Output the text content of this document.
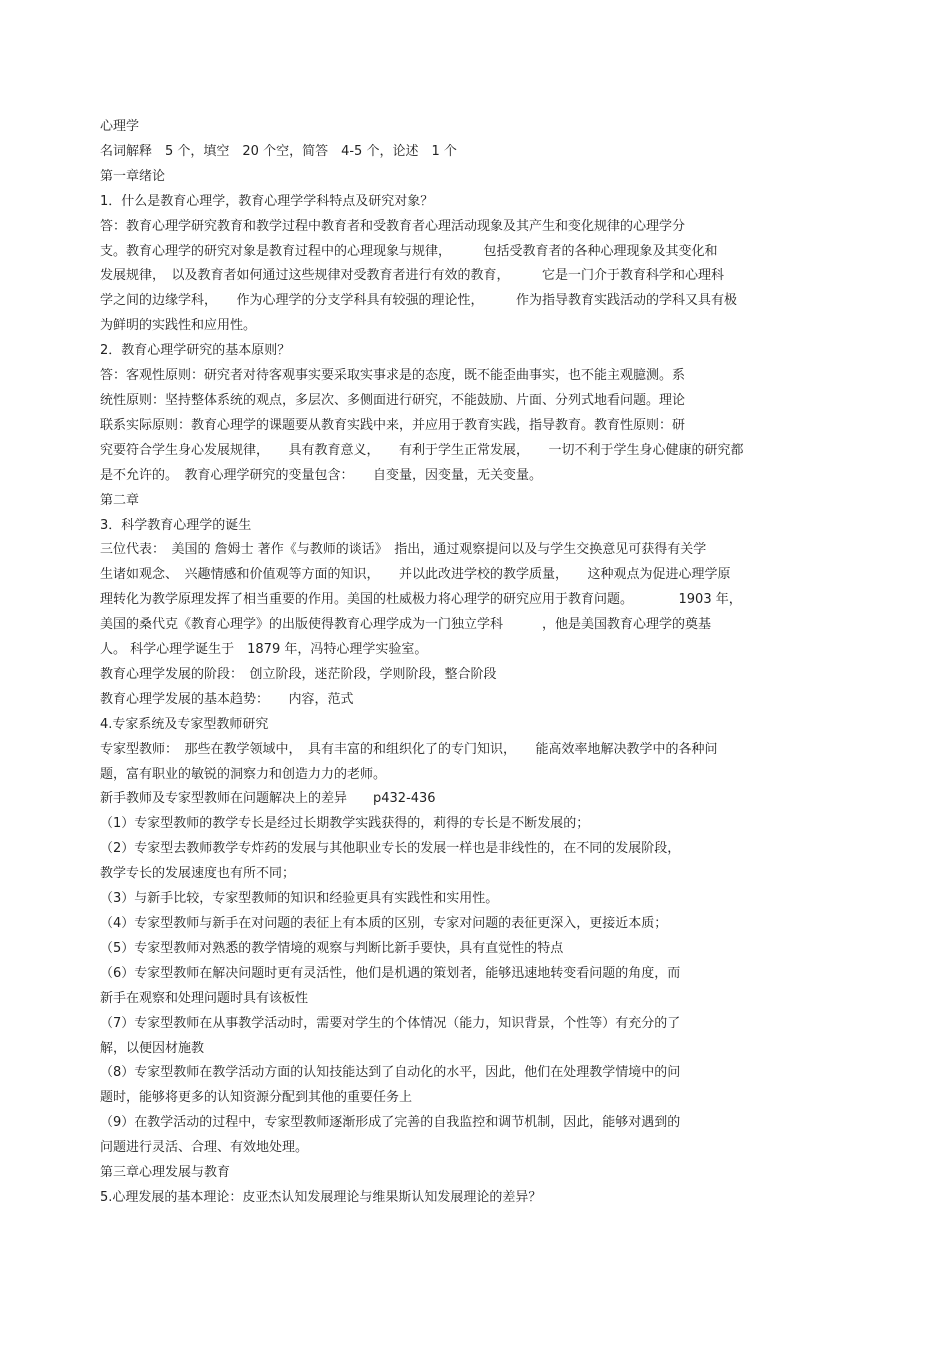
心理学
名词解释　5 个，填空　20 个空，简答　4-5 个，论述　1 个
第一章绪论
1．什么是教育心理学，教育心理学学科特点及研究对象？
答：教育心理学研究教育和教学过程中教育者和受教育者心理活动现象及其产生和变化规律的心理学分
支。教育心理学的研究对象是教育过程中的心理现象与规律，　　　包括受教育者的各种心理现象及其变化和
发展规律，　以及教育者如何通过这些规律对受教育者进行有效的教育，　　　它是一门介于教育科学和心理科
学之间的边缘学科，　　作为心理学的分支学科具有较强的理论性，　　　作为指导教育实践活动的学科又具有极
为鲜明的实践性和应用性。
2．教育心理学研究的基本原则？
答：客观性原则：研究者对待客观事实要采取实事求是的态度，既不能歪曲事实，也不能主观臆测。系
统性原则：坚持整体系统的观点，多层次、多侧面进行研究，不能鼓励、片面、分列式地看问题。理论
联系实际原则：教育心理学的课题要从教育实践中来，并应用于教育实践，指导教育。教育性原则：研
究要符合学生身心发展规律，　　具有教育意义，　　有利于学生正常发展，　　一切不利于学生身心健康的研究都
是不允许的。　教育心理学研究的变量包含：　　自变量，因变量，无关变量。
第二章
3．科学教育心理学的诞生
三位代表：　美国的 詹姆士 著作《与教师的谈话》　指出，通过观察提问以及与学生交换意见可获得有关学
生诸如观念、　兴趣情感和价值观等方面的知识，　　并以此改进学校的教学质量，　　这种观点为促进心理学原
理转化为教学原理发挥了相当重要的作用。美国的杜威极力将心理学的研究应用于教育问题。　　　　1903 年，
美国的桑代克《教育心理学》的出版使得教育心理学成为一门独立学科　　　，他是美国教育心理学的奠基
人。 科学心理学诞生于　1879 年，冯特心理学实验室。
教育心理学发展的阶段：　创立阶段，迷茫阶段，学则阶段，整合阶段
教育心理学发展的基本趋势：　　内容，范式
4.专家系统及专家型教师研究
专家型教师：　那些在教学领域中，　具有丰富的和组织化了的专门知识，　　能高效率地解决教学中的各种问
题，富有职业的敏锐的洞察力和创造力力的老师。
新手教师及专家型教师在问题解决上的差异　　p432-436
（1）专家型教师的教学专长是经过长期教学实践获得的，莉得的专长是不断发展的；
（2）专家型去教师教学专炸药的发展与其他职业专长的发展一样也是非线性的，在不同的发展阶段，
教学专长的发展速度也有所不同；
（3）与新手比较，专家型教师的知识和经验更具有实践性和实用性。
（4）专家型教师与新手在对问题的表征上有本质的区别，专家对问题的表征更深入，更接近本质；
（5）专家型教师对熟悉的教学情境的观察与判断比新手要快，具有直觉性的特点
（6）专家型教师在解决问题时更有灵活性，他们是机遇的策划者，能够迅速地转变看问题的角度，而
新手在观察和处理问题时具有该板性
（7）专家型教师在从事教学活动时，需要对学生的个体情况（能力，知识背景，个性等）有充分的了
解，以便因材施教
（8）专家型教师在教学活动方面的认知技能达到了自动化的水平，因此，他们在处理教学情境中的问
题时，能够将更多的认知资源分配到其他的重要任务上
（9）在教学活动的过程中，专家型教师逐渐形成了完善的自我监控和调节机制，因此，能够对遇到的
问题进行灵活、合理、有效地处理。
第三章心理发展与教育
5.心理发展的基本理论：皮亚杰认知发展理论与维果斯认知发展理论的差异？
